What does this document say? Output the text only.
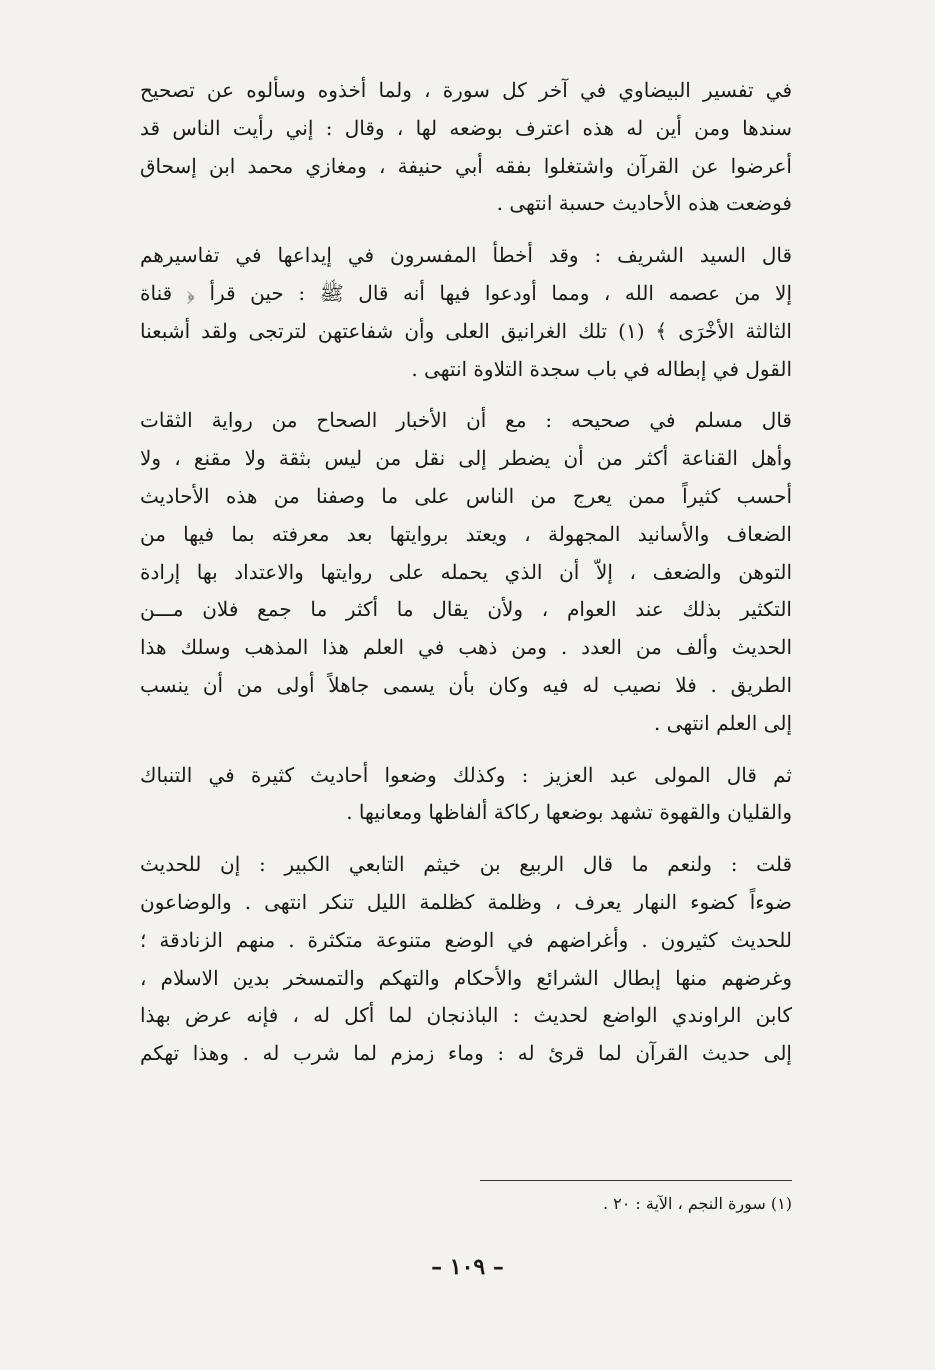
في تفسير البيضاوي في آخر كل سورة ، ولما أخذوه وسألوه عن تصحيح
سندها ومن أين له هذه اعترف بوضعه لها ، وقال : إني رأيت الناس قد
أعرضوا عن القرآن واشتغلوا بفقه أبي حنيفة ، ومغازي محمد ابن إسحاق
فوضعت هذه الأحاديث حسبة انتهى .
قال السيد الشريف : وقد أخطأ المفسرون في إيداعها في تفاسيرهم
إلا من عصمه الله ، ومما أودعوا فيها أنه قال ﷺ : حين قرأ ﴿ قناة
الثالثة الأخْرَى ﴾ (١) تلك الغرانيق العلى وأن شفاعتهن لترتجى ولقد أشبعنا
القول في إبطاله في باب سجدة التلاوة انتهى .
قال مسلم في صحيحه : مع أن الأخبار الصحاح من رواية الثقات
وأهل القناعة أكثر من أن يضطر إلى نقل من ليس بثقة ولا مقنع ، ولا
أحسب كثيراً ممن يعرج من الناس على ما وصفنا من هذه الأحاديث
الضعاف والأسانيد المجهولة ، ويعتد بروايتها بعد معرفته بما فيها من
التوهن والضعف ، إلاّ أن الذي يحمله على روايتها والاعتداد بها إرادة
التكثير بذلك عند العوام ، ولأن يقال ما أكثر ما جمع فلان مـــن
الحديث وألف من العدد . ومن ذهب في العلم هذا المذهب وسلك هذا
الطريق . فلا نصيب له فيه وكان بأن يسمى جاهلاً أولى من أن ينسب
إلى العلم انتهى .
ثم قال المولى عبد العزيز : وكذلك وضعوا أحاديث كثيرة في التنباك
والقليان والقهوة تشهد بوضعها ركاكة ألفاظها ومعانيها .
قلت : ولنعم ما قال الربيع بن خيثم التابعي الكبير : إن للحديث
ضوءاً كضوء النهار يعرف ، وظلمة كظلمة الليل تنكر انتهى . والوضاعون
للحديث كثيرون . وأغراضهم في الوضع متنوعة متكثرة . منهم الزنادقة ؛
وغرضهم منها إبطال الشرائع والأحكام والتهكم والتمسخر بدين الاسلام ،
كابن الراوندي الواضع لحديث : الباذنجان لما أكل له ، فإنه عرض بهذا
إلى حديث القرآن لما قرئ له : وماء زمزم لما شرب له . وهذا تهكم
(١) سورة النجم ، الآية : ٢٠ .
– ١٠٩ –
